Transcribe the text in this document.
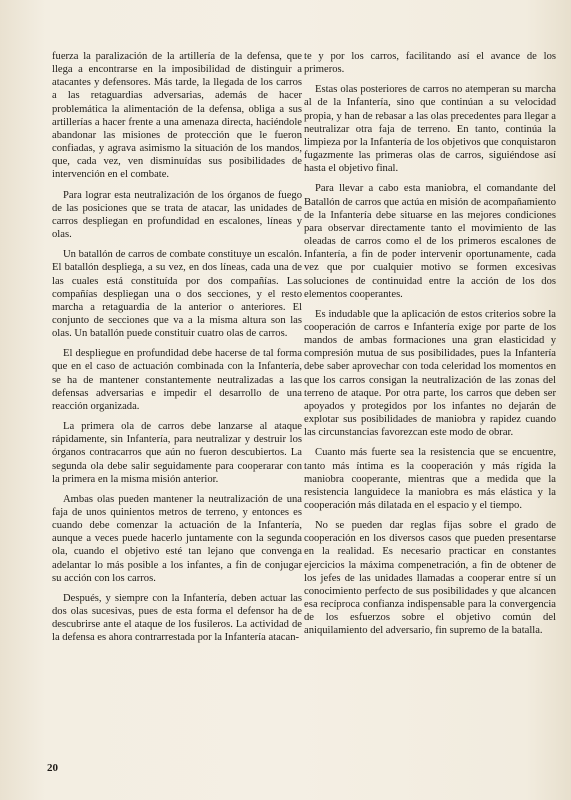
fuerza la paralización de la artillería de la defensa, que llega a encontrarse en la imposibilidad de distinguir a atacantes y defensores. Más tarde, la llegada de los carros a las retaguardias adversarias, además de hacer problemática la alimentación de la defensa, obliga a sus artillerías a hacer frente a una amenaza directa, haciéndole abandonar las misiones de protección que le fueron confiadas, y agrava asimismo la situación de los mandos, que, cada vez, ven disminuídas sus posibilidades de intervención en el combate.

Para lograr esta neutralización de los órganos de fuego de las posiciones que se trata de atacar, las unidades de carros despliegan en profundidad en escalones, líneas y olas.

Un batallón de carros de combate constituye un escalón. El batallón despliega, a su vez, en dos líneas, cada una de las cuales está constituída por dos compañías. Las compañías despliegan una o dos secciones, y el resto marcha a retaguardia de la anterior o anteriores. El conjunto de secciones que va a la misma altura son las olas. Un batallón puede constituir cuatro olas de carros.

El despliegue en profundidad debe hacerse de tal forma que en el caso de actuación combinada con la Infantería, se ha de mantener constantemente neutralizadas a las defensas adversarias e impedir el desarrollo de una reacción organizada.

La primera ola de carros debe lanzarse al ataque rápidamente, sin Infantería, para neutralizar y destruir los órganos contracarros que aún no fueron descubiertos. La segunda ola debe salir seguidamente para cooperarar con la primera en la misma misión anterior.

Ambas olas pueden mantener la neutralización de una faja de unos quinientos metros de terreno, y entonces es cuando debe comenzar la actuación de la Infantería, aunque a veces puede hacerlo juntamente con la segunda ola, cuando el objetivo esté tan lejano que convenga adelantar lo más posible a los infantes, a fin de conjugar su acción con los carros.

Después, y siempre con la Infantería, deben actuar las dos olas sucesivas, pues de esta forma el defensor ha de descubrirse ante el ataque de los fusileros. La actividad de la defensa es ahora contrarrestada por la Infantería atacan-

te y por los carros, facilitando así el avance de los primeros.

Estas olas posteriores de carros no atemperan su marcha al de la Infantería, sino que continúan a su velocidad propia, y han de rebasar a las olas precedentes para llegar a neutralizar otra faja de terreno. En tanto, continúa la limpieza por la Infantería de los objetivos que conquistaron fugazmente las primeras olas de carros, siguiéndose así hasta el objetivo final.

Para llevar a cabo esta maniobra, el comandante del Batallón de carros que actúa en misión de acompañamiento de la Infantería debe situarse en las mejores condiciones para observar directamente tanto el movimiento de las oleadas de carros como el de los primeros escalones de Infantería, a fin de poder intervenir oportunamente, cada vez que por cualquier motivo se formen excesivas soluciones de continuidad entre la acción de los dos elementos cooperantes.

Es indudable que la aplicación de estos criterios sobre la cooperación de carros e Infantería exige por parte de los mandos de ambas formaciones una gran elasticidad y compresión mutua de sus posibilidades, pues la Infantería debe saber aprovechar con toda celeridad los momentos en que los carros consigan la neutralización de las zonas del terreno de ataque. Por otra parte, los carros que deben ser apoyados y protegidos por los infantes no dejarán de explotar sus posibilidades de maniobra y rapidez cuando las circunstancias favorezcan este modo de obrar.

Cuanto más fuerte sea la resistencia que se encuentre, tanto más íntima es la cooperación y más rígida la maniobra cooperante, mientras que a medida que la resistencia languidece la maniobra es más elástica y la cooperación más dilatada en el espacio y el tiempo.

No se pueden dar reglas fijas sobre el grado de cooperación en los diversos casos que pueden presentarse en la realidad. Es necesario practicar en constantes ejercicios la máxima compenetración, a fin de obtener de los jefes de las unidades llamadas a cooperar entre sí un conocimiento perfecto de sus posibilidades y que alcancen esa recíproca confianza indispensable para la convergencia de los esfuerzos sobre el objetivo común del aniquilamiento del adversario, fin supremo de la batalla.

20
